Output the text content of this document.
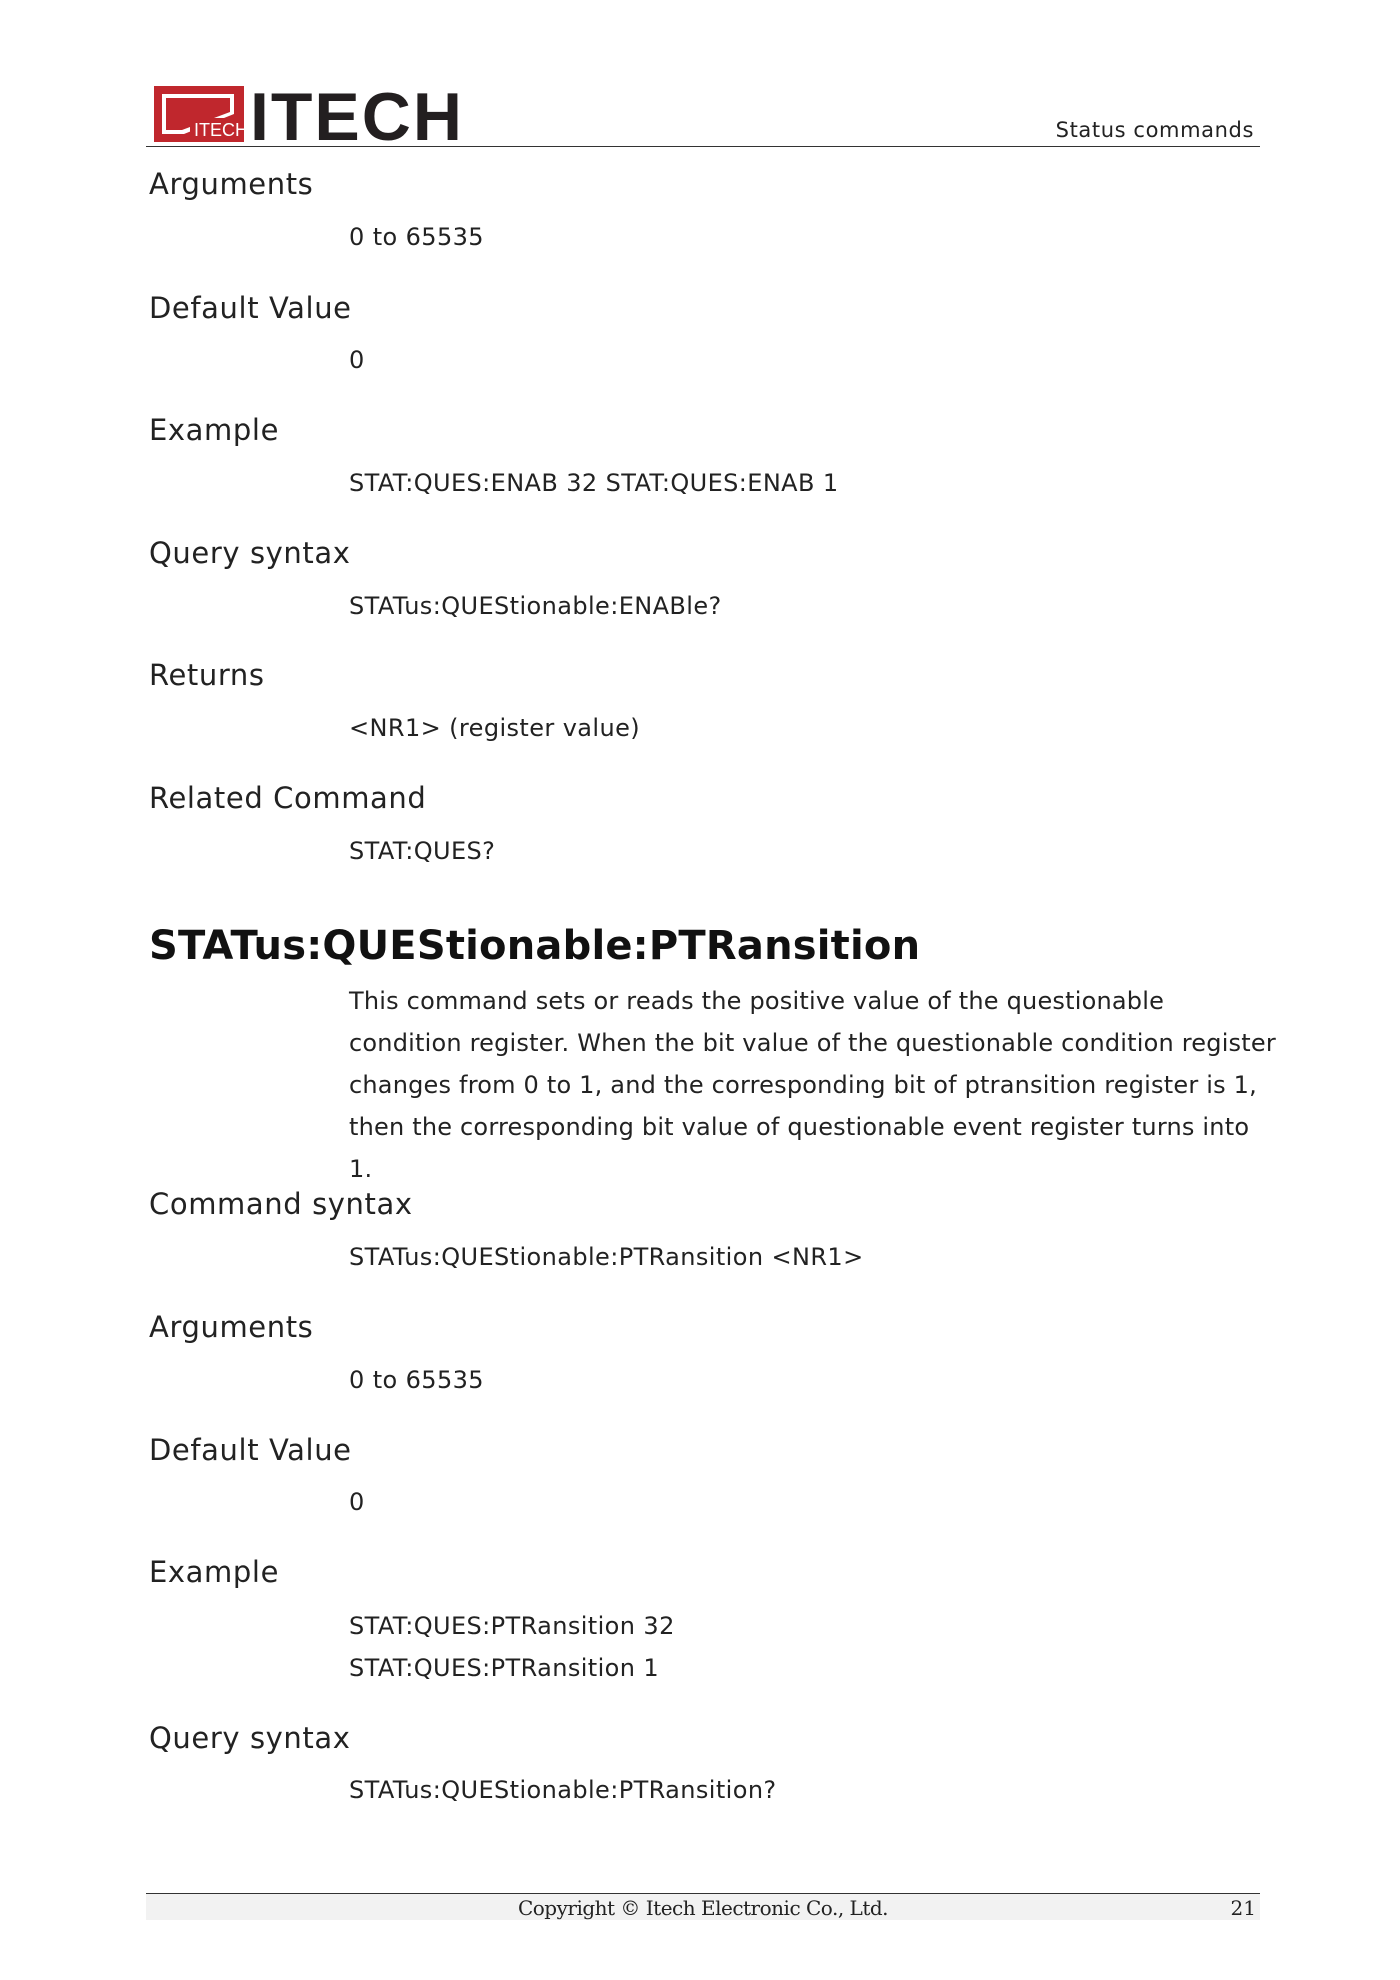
ITECH ITECH	Status commands
Arguments
0 to 65535
Default Value
0
Example
STAT:QUES:ENAB 32 STAT:QUES:ENAB 1
Query syntax
STATus:QUEStionable:ENABle?
Returns
<NR1> (register value)
Related Command
STAT:QUES?
STATus:QUEStionable:PTRansition
This command sets or reads the positive value of the questionable condition register. When the bit value of the questionable condition register changes from 0 to 1, and the corresponding bit of ptransition register is 1, then the corresponding bit value of questionable event register turns into 1.
Command syntax
STATus:QUEStionable:PTRansition <NR1>
Arguments
0 to 65535
Default Value
0
Example
STAT:QUES:PTRansition 32
STAT:QUES:PTRansition 1
Query syntax
STATus:QUEStionable:PTRansition?
Copyright © Itech Electronic Co., Ltd.	21
